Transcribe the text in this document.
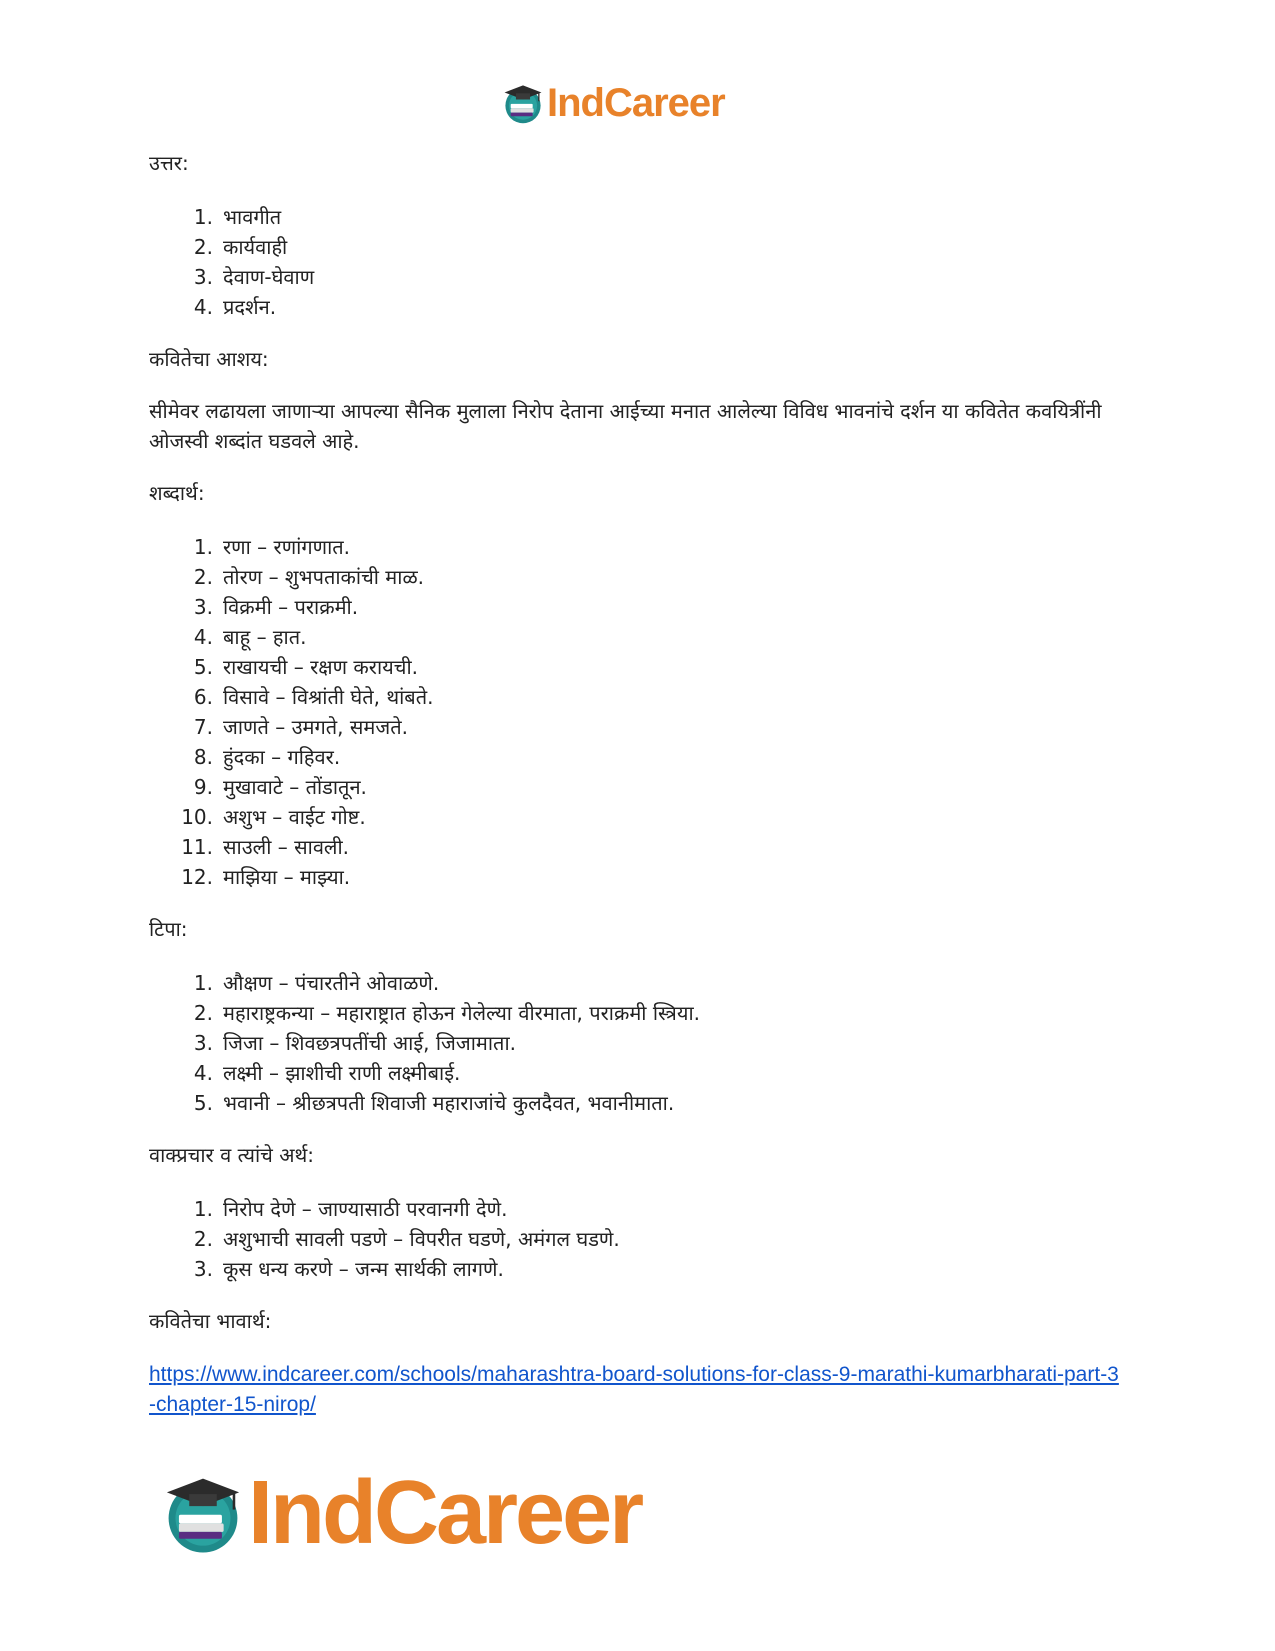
IndCareer

उत्तर:

1. भावगीत
2. कार्यवाही
3. देवाण-घेवाण
4. प्रदर्शन.

कवितेचा आशय:

सीमेवर लढायला जाणाऱ्या आपल्या सैनिक मुलाला निरोप देताना आईच्या मनात आलेल्या विविध भावनांचे दर्शन या कवितेत कवयित्रींनी ओजस्वी शब्दांत घडवले आहे.

शब्दार्थ:

1. रणा – रणांगणात.
2. तोरण – शुभपताकांची माळ.
3. विक्रमी – पराक्रमी.
4. बाहू – हात.
5. राखायची – रक्षण करायची.
6. विसावे – विश्रांती घेते, थांबते.
7. जाणते – उमगते, समजते.
8. हुंदका – गहिवर.
9. मुखावाटे – तोंडातून.
10. अशुभ – वाईट गोष्ट.
11. साउली – सावली.
12. माझिया – माझ्या.

टिपा:

1. औक्षण – पंचारतीने ओवाळणे.
2. महाराष्ट्रकन्या – महाराष्ट्रात होऊन गेलेल्या वीरमाता, पराक्रमी स्त्रिया.
3. जिजा – शिवछत्रपतींची आई, जिजामाता.
4. लक्ष्मी – झाशीची राणी लक्ष्मीबाई.
5. भवानी – श्रीछत्रपती शिवाजी महाराजांचे कुलदैवत, भवानीमाता.

वाक्प्रचार व त्यांचे अर्थ:

1. निरोप देणे – जाण्यासाठी परवानगी देणे.
2. अशुभाची सावली पडणे – विपरीत घडणे, अमंगल घडणे.
3. कूस धन्य करणे – जन्म सार्थकी लागणे.

कवितेचा भावार्थ:

https://www.indcareer.com/schools/maharashtra-board-solutions-for-class-9-marathi-kumarbharati-part-3-chapter-15-nirop/
IndCareer
